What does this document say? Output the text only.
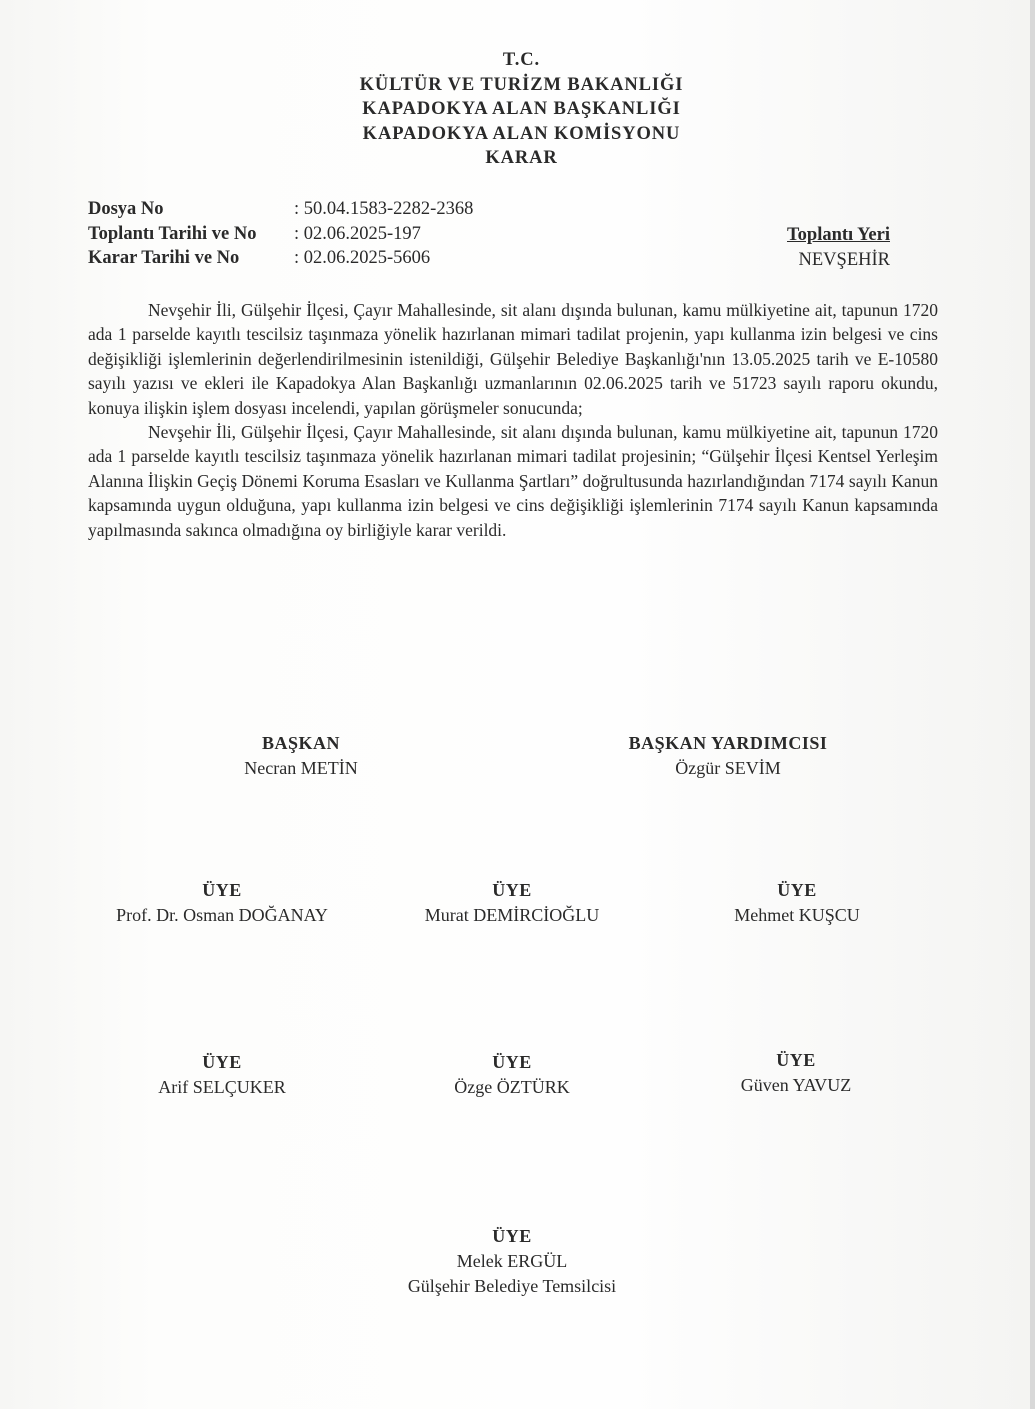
T.C.
KÜLTÜR VE TURİZM BAKANLIĞI
KAPADOKYA ALAN BAŞKANLIĞI
KAPADOKYA ALAN KOMİSYONU
KARAR
Dosya No	: 50.04.1583-2282-2368
Toplantı Tarihi ve No : 02.06.2025-197
Karar Tarihi ve No	: 02.06.2025-5606
Toplantı Yeri
NEVŞEHİR

Nevşehir İli, Gülşehir İlçesi, Çayır Mahallesinde, sit alanı dışında bulunan, kamu mülkiyetine ait, tapunun 1720 ada 1 parselde kayıtlı tescilsiz taşınmaza yönelik hazırlanan mimari tadilat projenin, yapı kullanma izin belgesi ve cins değişikliği işlemlerinin değerlendirilmesinin istenildiği, Gülşehir Belediye Başkanlığı'nın 13.05.2025 tarih ve E-10580 sayılı yazısı ve ekleri ile Kapadokya Alan Başkanlığı uzmanlarının 02.06.2025 tarih ve 51723 sayılı raporu okundu, konuya ilişkin işlem dosyası incelendi, yapılan görüşmeler sonucunda;

Nevşehir İli, Gülşehir İlçesi, Çayır Mahallesinde, sit alanı dışında bulunan, kamu mülkiyetine ait, tapunun 1720 ada 1 parselde kayıtlı tescilsiz taşınmaza yönelik hazırlanan mimari tadilat projesinin; “Gülşehir İlçesi Kentsel Yerleşim Alanına İlişkin Geçiş Dönemi Koruma Esasları ve Kullanma Şartları” doğrultusunda hazırlandığından 7174 sayılı Kanun kapsamında uygun olduğuna, yapı kullanma izin belgesi ve cins değişikliği işlemlerinin 7174 sayılı Kanun kapsamında yapılmasında sakınca olmadığına oy birliğiyle karar verildi.

BAŞKAN
Necran METİN
BAŞKAN YARDIMCISI
Özgür SEVİM
ÜYE
Prof. Dr. Osman DOĞANAY
ÜYE
Murat DEMİRCİOĞLU
ÜYE
Mehmet KUŞCU
ÜYE
Arif SELÇUKER
ÜYE
Özge ÖZTÜRK
ÜYE
Güven YAVUZ
ÜYE
Melek ERGÜL
Gülşehir Belediye Temsilcisi
